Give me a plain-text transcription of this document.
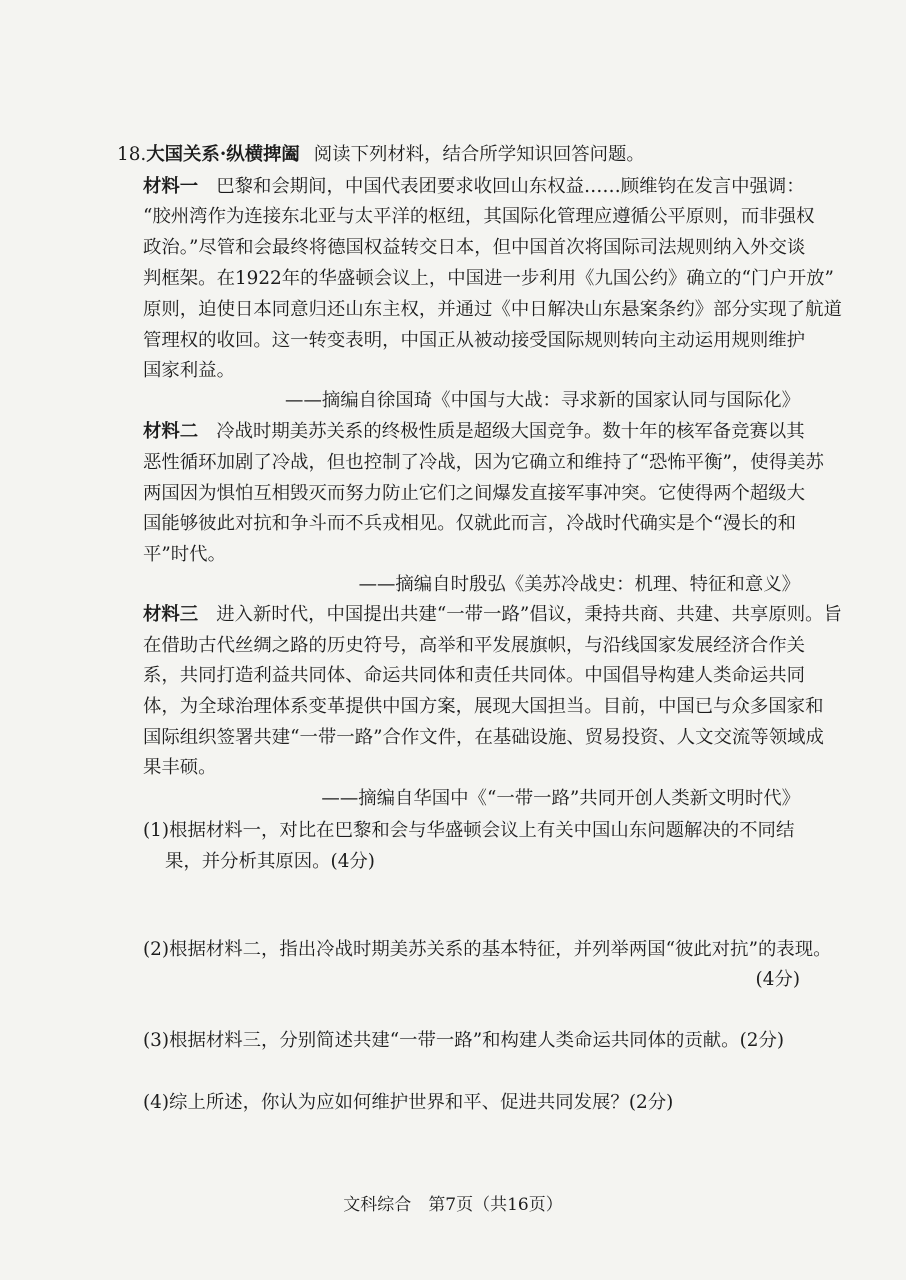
18.大国关系·纵横捭阖 阅读下列材料，结合所学知识回答问题。
材料一 巴黎和会期间，中国代表团要求收回山东权益……顾维钧在发言中强调：
“胶州湾作为连接东北亚与太平洋的枢纽，其国际化管理应遵循公平原则，而非强权
政治。”尽管和会最终将德国权益转交日本，但中国首次将国际司法规则纳入外交谈
判框架。在1922年的华盛顿会议上，中国进一步利用《九国公约》确立的“门户开放”
原则，迫使日本同意归还山东主权，并通过《中日解决山东悬案条约》部分实现了航道
管理权的收回。这一转变表明，中国正从被动接受国际规则转向主动运用规则维护
国家利益。
——摘编自徐国琦《中国与大战：寻求新的国家认同与国际化》
材料二 冷战时期美苏关系的终极性质是超级大国竞争。数十年的核军备竞赛以其
恶性循环加剧了冷战，但也控制了冷战，因为它确立和维持了“恐怖平衡”，使得美苏
两国因为惧怕互相毁灭而努力防止它们之间爆发直接军事冲突。它使得两个超级大
国能够彼此对抗和争斗而不兵戎相见。仅就此而言，冷战时代确实是个“漫长的和
平”时代。
——摘编自时殷弘《美苏冷战史：机理、特征和意义》
材料三 进入新时代，中国提出共建“一带一路”倡议，秉持共商、共建、共享原则。旨
在借助古代丝绸之路的历史符号，高举和平发展旗帜，与沿线国家发展经济合作关
系，共同打造利益共同体、命运共同体和责任共同体。中国倡导构建人类命运共同
体，为全球治理体系变革提供中国方案，展现大国担当。目前，中国已与众多国家和
国际组织签署共建“一带一路”合作文件，在基础设施、贸易投资、人文交流等领域成
果丰硕。
——摘编自华国中《“一带一路”共同开创人类新文明时代》
(1)根据材料一，对比在巴黎和会与华盛顿会议上有关中国山东问题解决的不同结
果，并分析其原因。(4分)
(2)根据材料二，指出冷战时期美苏关系的基本特征，并列举两国“彼此对抗”的表现。
(4分)
(3)根据材料三，分别简述共建“一带一路”和构建人类命运共同体的贡献。(2分)
(4)综上所述，你认为应如何维护世界和平、促进共同发展？(2分)
文科综合　第7页（共16页）
